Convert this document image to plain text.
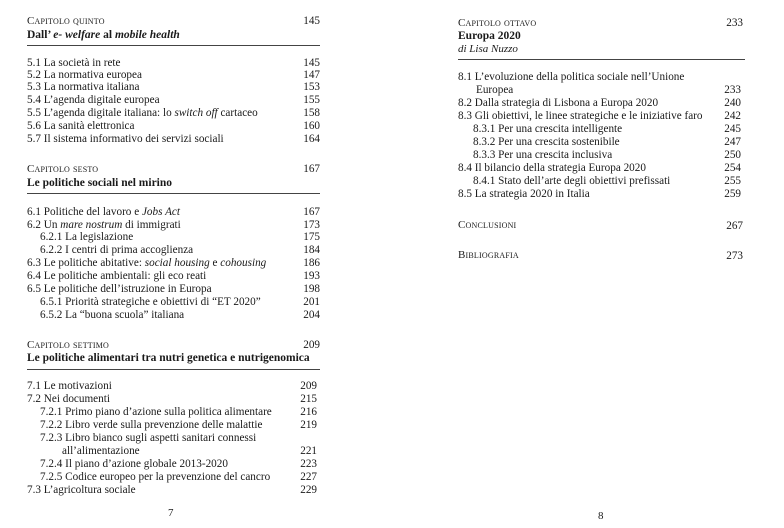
Capitolo quinto	145
Dall’ e- welfare al mobile health
5.1 La società in rete	145
5.2 La normativa europea	147
5.3 La normativa italiana	153
5.4 L’agenda digitale europea	155
5.5 L’agenda digitale italiana: lo switch off cartaceo	158
5.6 La sanità elettronica	160
5.7 Il sistema informativo dei servizi sociali	164
Capitolo sesto	167
Le politiche sociali nel mirino
6.1 Politiche del lavoro e Jobs Act	167
6.2 Un mare nostrum di immigrati	173
6.2.1 La legislazione	175
6.2.2 I centri di prima accoglienza	184
6.3 Le politiche abitative: social housing e cohousing	186
6.4 Le politiche ambientali: gli eco reati	193
6.5 Le politiche dell’istruzione in Europa	198
6.5.1 Priorità strategiche e obiettivi di “ET 2020”	201
6.5.2 La “buona scuola” italiana	204
Capitolo settimo	209
Le politiche alimentari tra nutri genetica e nutrigenomica
7.1 Le motivazioni	209
7.2 Nei documenti	215
7.2.1 Primo piano d’azione sulla politica alimentare	216
7.2.2 Libro verde sulla prevenzione delle malattie	219
7.2.3 Libro bianco sugli aspetti sanitari connessi
all’alimentazione	221
7.2.4 Il piano d’azione globale 2013-2020	223
7.2.5 Codice europeo per la prevenzione del cancro	227
7.3 L’agricoltura sociale	229
7
Capitolo ottavo	233
Europa 2020
di Lisa Nuzzo
8.1 L’evoluzione della politica sociale nell’Unione
Europea	233
8.2 Dalla strategia di Lisbona a Europa 2020	240
8.3 Gli obiettivi, le linee strategiche e le iniziative faro	242
8.3.1 Per una crescita intelligente	245
8.3.2 Per una crescita sostenibile	247
8.3.3 Per una crescita inclusiva	250
8.4 Il bilancio della strategia Europa 2020	254
8.4.1 Stato dell’arte degli obiettivi prefissati	255
8.5 La strategia 2020 in Italia	259
Conclusioni	267
Bibliografia	273
8
